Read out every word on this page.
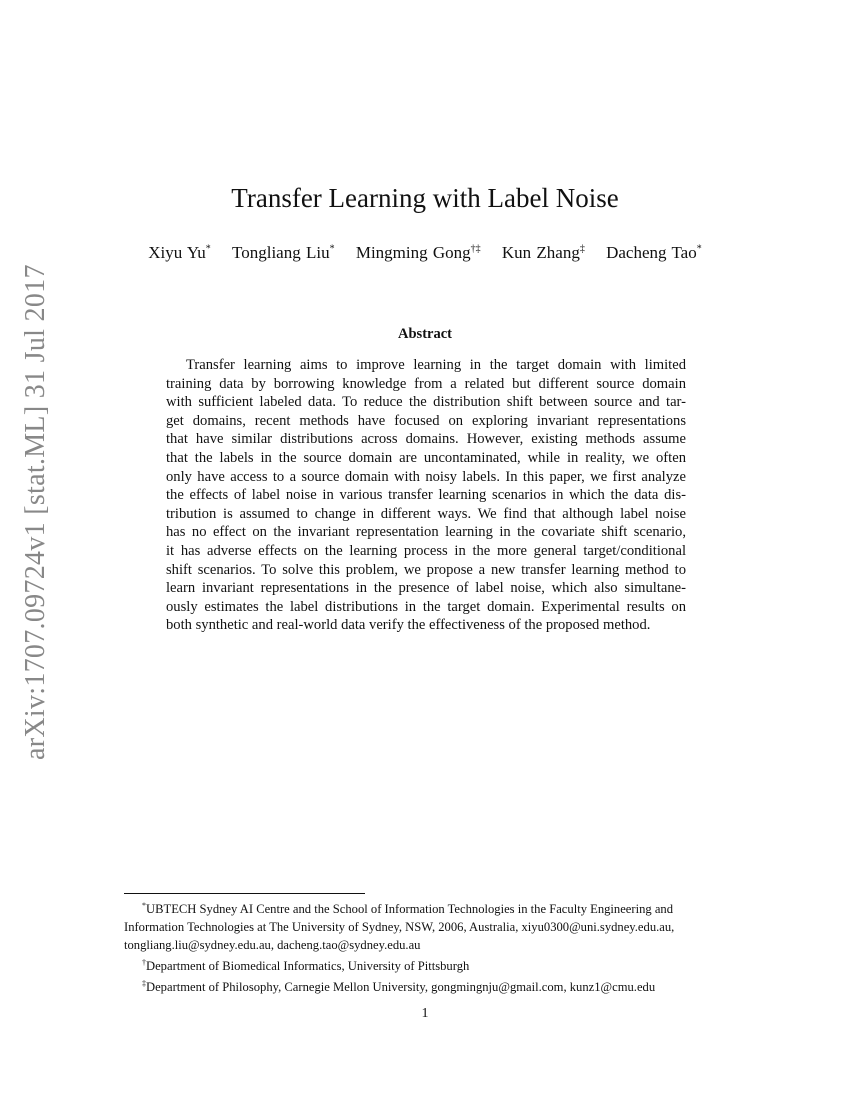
arXiv:1707.09724v1 [stat.ML] 31 Jul 2017
Transfer Learning with Label Noise
Xiyu Yu* Tongliang Liu* Mingming Gong†‡ Kun Zhang‡ Dacheng Tao*
Abstract
Transfer learning aims to improve learning in the target domain with limited
training data by borrowing knowledge from a related but different source domain
with sufficient labeled data. To reduce the distribution shift between source and tar-
get domains, recent methods have focused on exploring invariant representations
that have similar distributions across domains. However, existing methods assume
that the labels in the source domain are uncontaminated, while in reality, we often
only have access to a source domain with noisy labels. In this paper, we first analyze
the effects of label noise in various transfer learning scenarios in which the data dis-
tribution is assumed to change in different ways. We find that although label noise
has no effect on the invariant representation learning in the covariate shift scenario,
it has adverse effects on the learning process in the more general target/conditional
shift scenarios. To solve this problem, we propose a new transfer learning method to
learn invariant representations in the presence of label noise, which also simultane-
ously estimates the label distributions in the target domain. Experimental results on
both synthetic and real-world data verify the effectiveness of the proposed method.
*UBTECH Sydney AI Centre and the School of Information Technologies in the Faculty Engineering and
Information Technologies at The University of Sydney, NSW, 2006, Australia, xiyu0300@uni.sydney.edu.au,
tongliang.liu@sydney.edu.au, dacheng.tao@sydney.edu.au
†Department of Biomedical Informatics, University of Pittsburgh
‡Department of Philosophy, Carnegie Mellon University, gongmingnju@gmail.com, kunz1@cmu.edu
1
